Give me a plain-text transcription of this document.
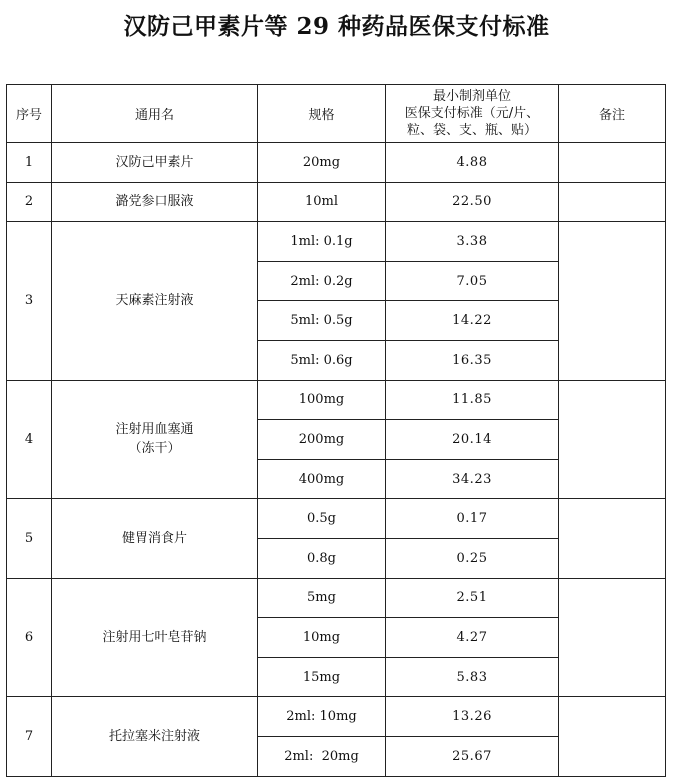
汉防己甲素片等 29 种药品医保支付标准
序号	通用名	规格	最小制剂单位
医保支付标准（元/片、
粒、袋、支、瓶、贴）	备注
1	汉防己甲素片	20mg	4.88	
2	潞党参口服液	10ml	22.50	
3	天麻素注射液	1ml: 0.1g	3.38	
		2ml: 0.2g	7.05	
		5ml: 0.5g	14.22	
		5ml: 0.6g	16.35	
4	注射用血塞通
（冻干）	100mg	11.85	
		200mg	20.14	
		400mg	34.23	
5	健胃消食片	0.5g	0.17	
		0.8g	0.25	
6	注射用七叶皂苷钠	5mg	2.51	
		10mg	4.27	
		15mg	5.83	
7	托拉塞米注射液	2ml: 10mg	13.26	
		2ml:  20mg	25.67	
